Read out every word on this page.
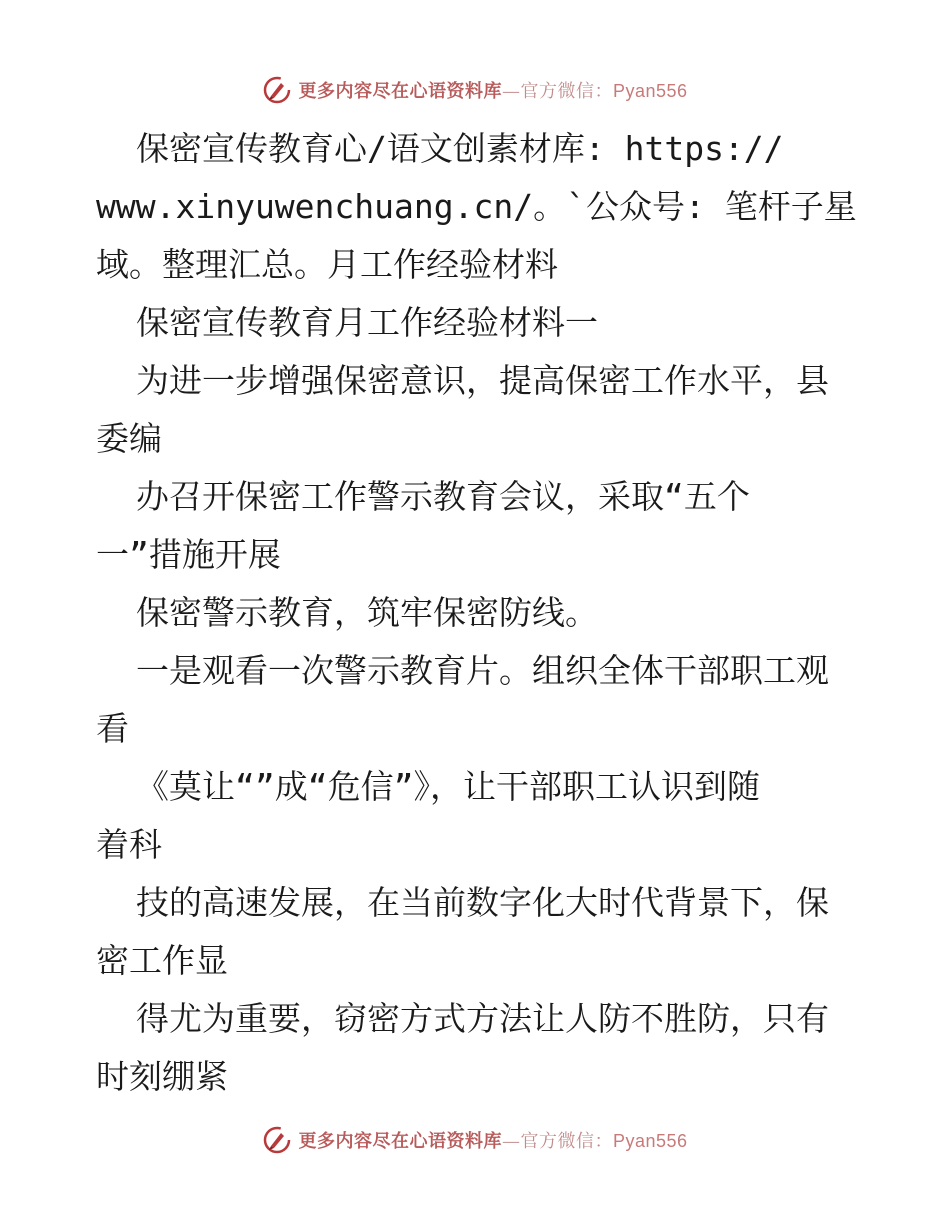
更多内容尽在心语资料库—官方微信：Pyan556
保密宣传教育心/语文创素材库: https://
www.xinyuwenchuang.cn/。`公众号: 笔杆子星
域。整理汇总。月工作经验材料
保密宣传教育月工作经验材料一
为进一步增强保密意识，提高保密工作水平，县
委编
办召开保密工作警示教育会议，采取“五个
一”措施开展
保密警示教育，筑牢保密防线。
一是观看一次警示教育片。组织全体干部职工观
看
《莫让“”成“危信”》，让干部职工认识到随
着科
技的高速发展，在当前数字化大时代背景下，保
密工作显
得尤为重要，窃密方式方法让人防不胜防，只有
时刻绷紧
更多内容尽在心语资料库—官方微信：Pyan556
